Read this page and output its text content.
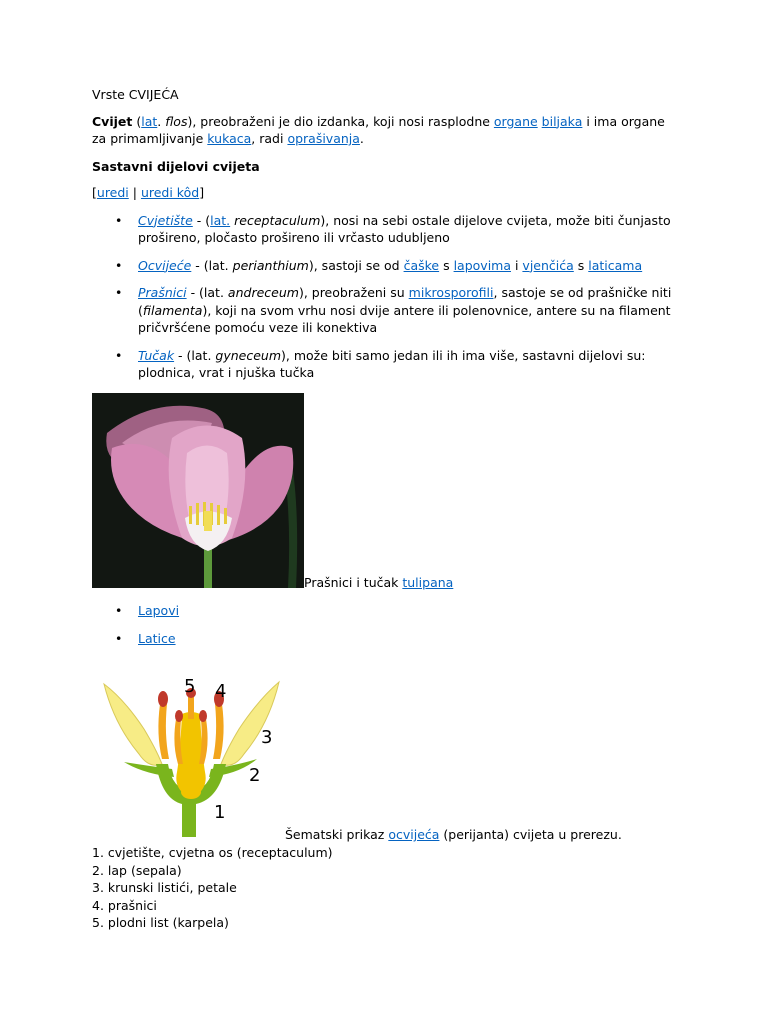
Vrste CVIJEĆA

Cvijet (lat. flos), preobraženi je dio izdanka, koji nosi rasplodne organe biljaka i ima organe za primamljivanje kukaca, radi oprašivanja.

Sastavni dijelovi cvijeta

[uredi | uredi kôd]

• Cvjetište - (lat. receptaculum), nosi na sebi ostale dijelove cvijeta, može biti čunjasto prošireno, pločasto prošireno ili vrčasto udubljeno
• Ocvijeće - (lat. perianthium), sastoji se od čaške s lapovima i vjenčića s laticama
• Prašnici - (lat. andreceum), preobraženi su mikrosporofili, sastoje se od prašničke niti (filamenta), koji na svom vrhu nosi dvije antere ili polenovnice, antere su na filament pričvršćene pomoću veze ili konektiva
• Tučak - (lat. gyneceum), može biti samo jedan ili ih ima više, sastavni dijelovi su: plodnica, vrat i njuška tučka

Prašnici i tučak tulipana

• Lapovi
• Latice
1
2
3
4
5

Šematski prikaz ocvijeća (perijanta) cvijeta u prerezu.

1. cvjetište, cvjetna os (receptaculum)
2. lap (sepala)
3. krunski listići, petale
4. prašnici
5. plodni list (karpela)
